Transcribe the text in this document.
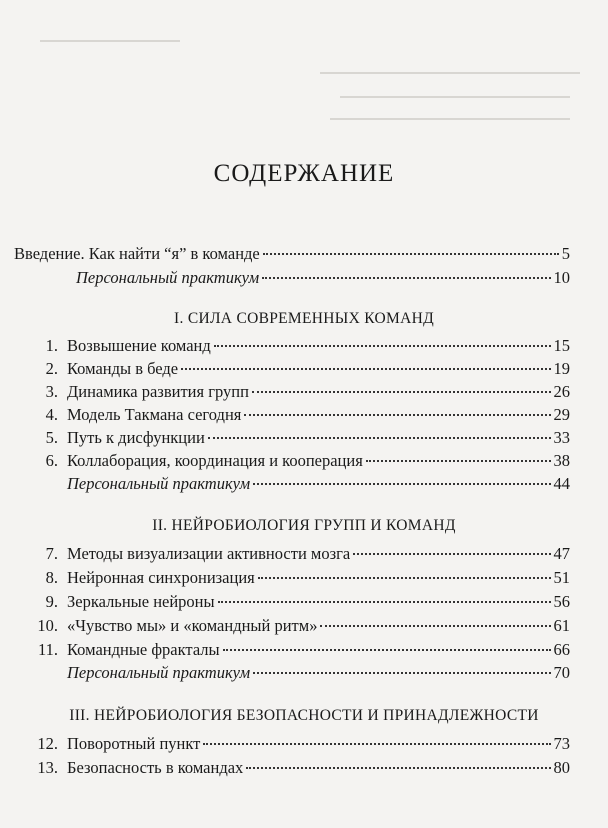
СОДЕРЖАНИЕ
Введение. Как найти “я” в команде	5
Персональный практикум	10
I. СИЛА СОВРЕМЕННЫХ КОМАНД
1. Возвышение команд	15
2. Команды в беде	19
3. Динамика развития групп	26
4. Модель Такмана сегодня	29
5. Путь к дисфункции	33
6. Коллаборация, координация и кооперация	38
Персональный практикум	44
II. НЕЙРОБИОЛОГИЯ ГРУПП И КОМАНД
7. Методы визуализации активности мозга	47
8. Нейронная синхронизация	51
9. Зеркальные нейроны	56
10. «Чувство мы» и «командный ритм»	61
11. Командные фракталы	66
Персональный практикум	70
III. НЕЙРОБИОЛОГИЯ БЕЗОПАСНОСТИ И ПРИНАДЛЕЖНОСТИ
12. Поворотный пункт	73
13. Безопасность в командах	80
